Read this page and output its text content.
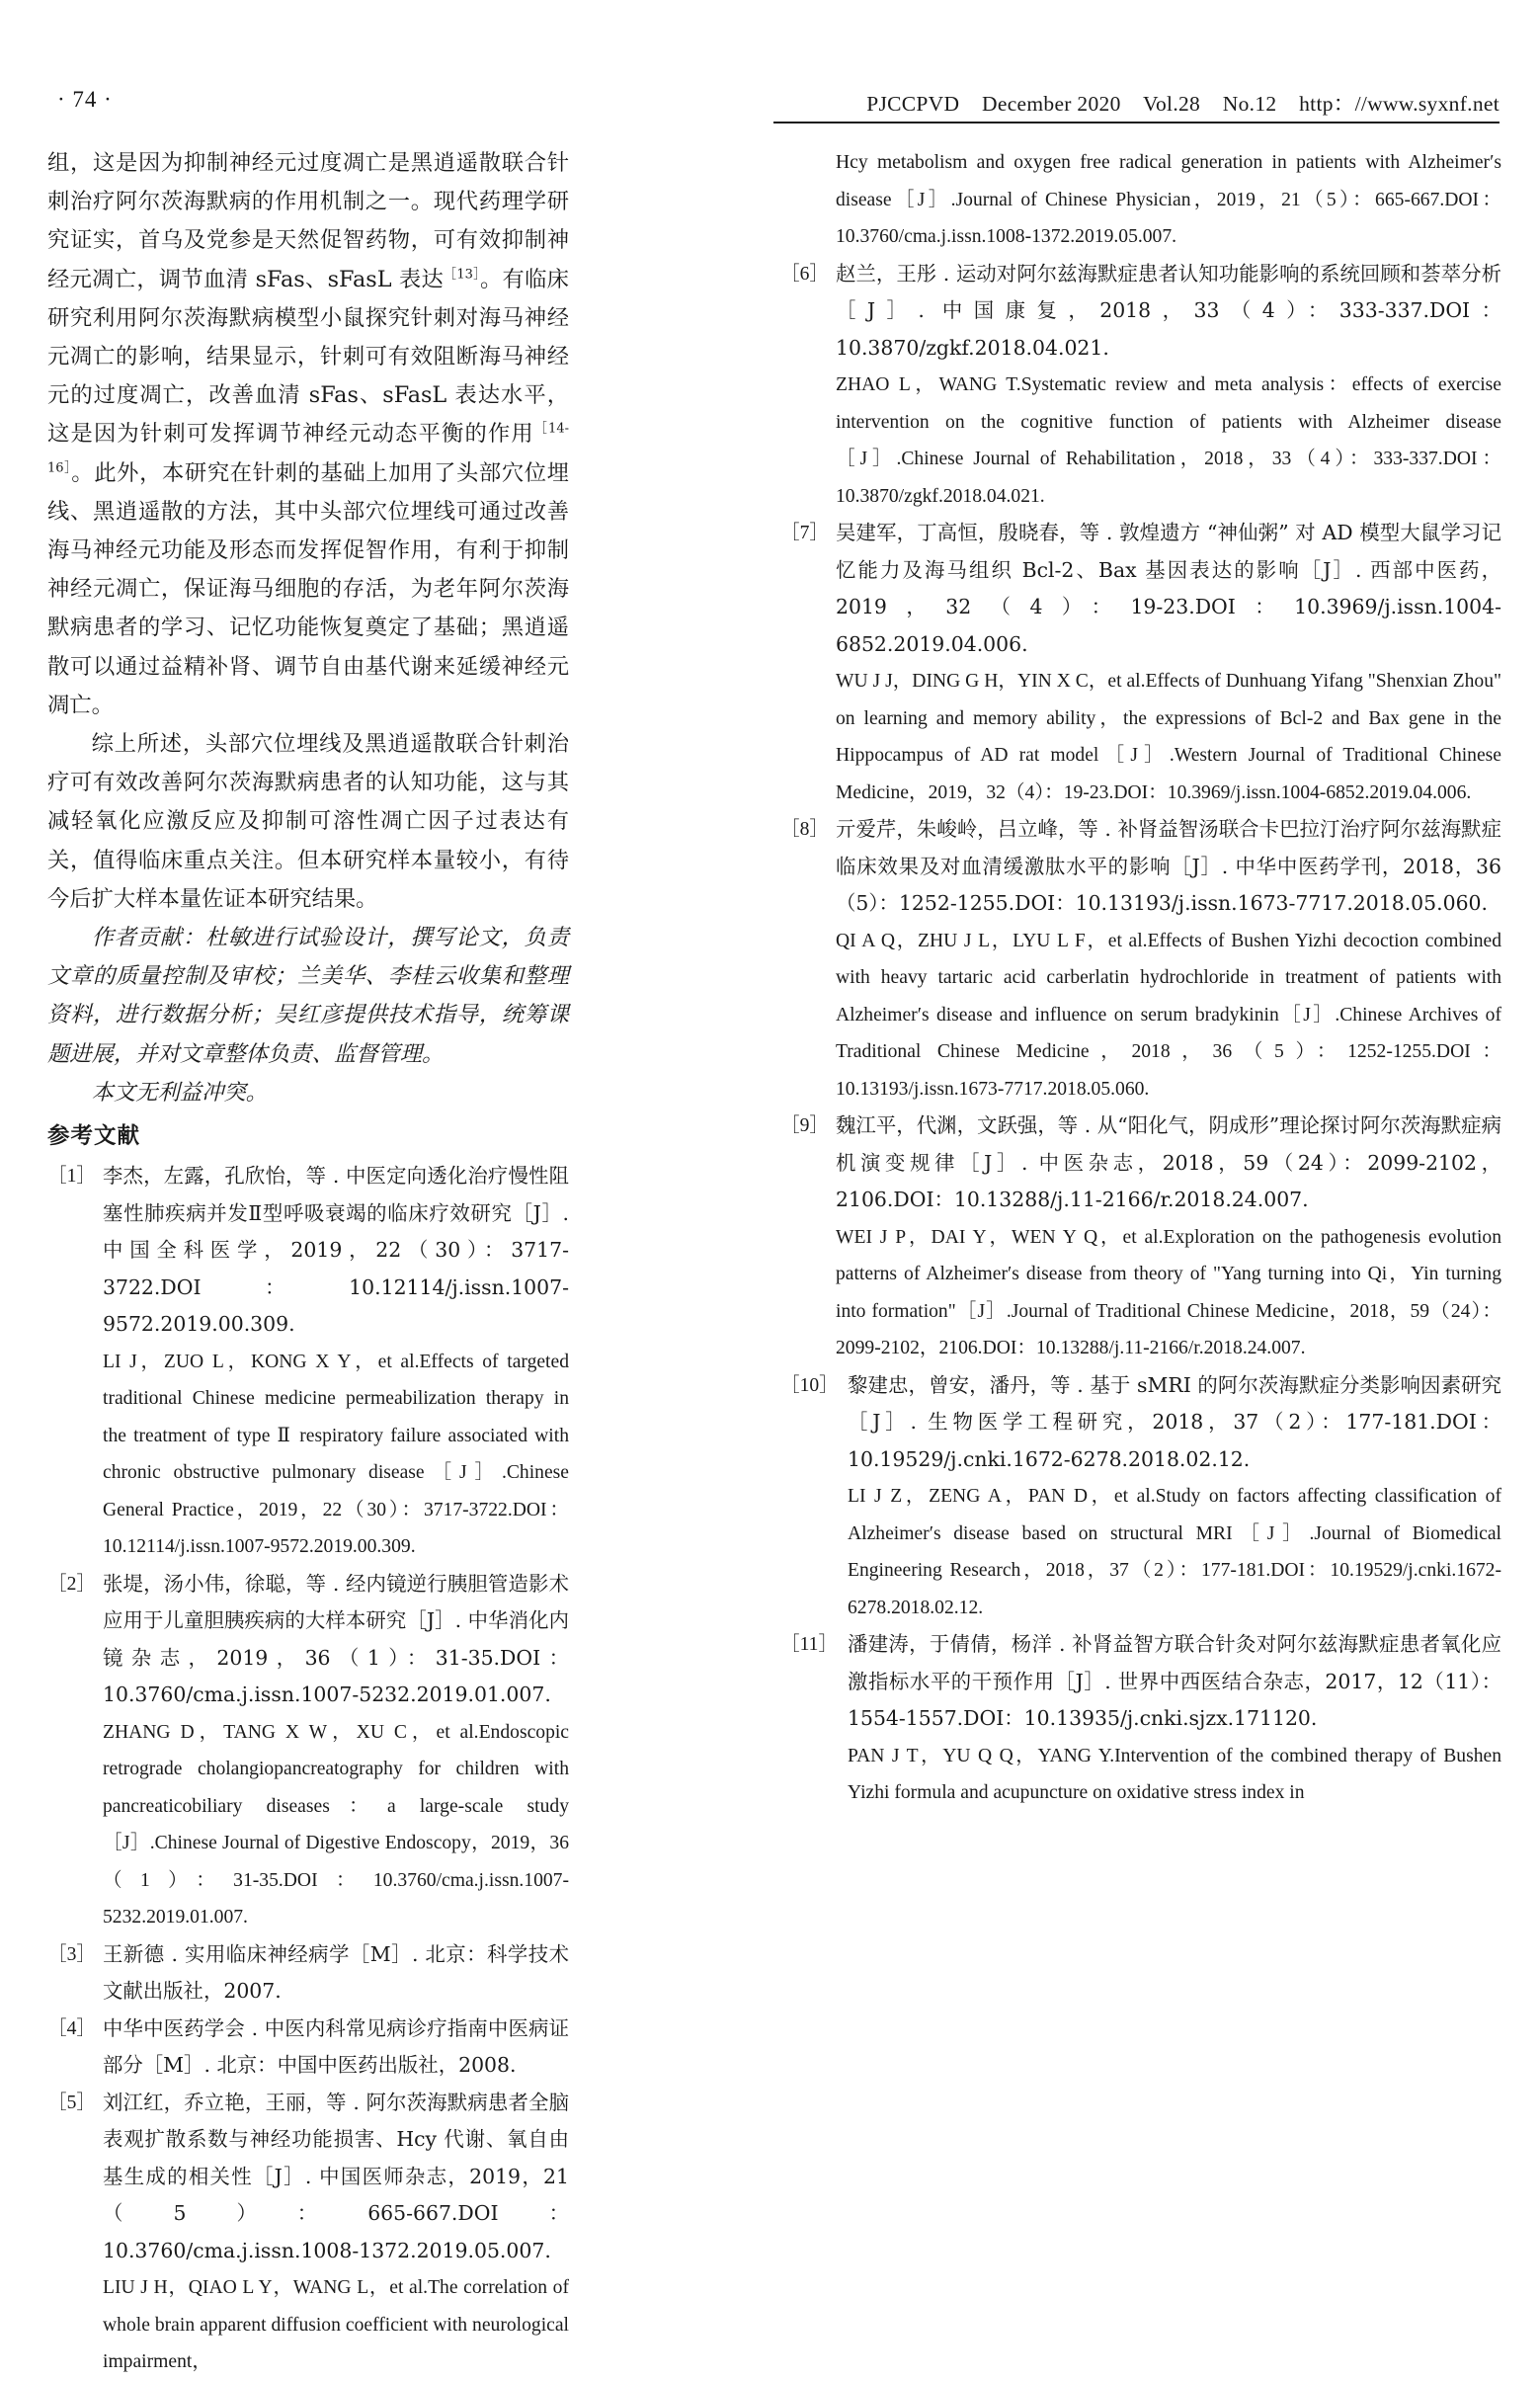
· 74 ·	PJCCPVD December 2020 Vol.28 No.12 http：//www.syxnf.net

组，这是因为抑制神经元过度凋亡是黑逍遥散联合针刺治疗阿尔茨海默病的作用机制之一。现代药理学研究证实，首乌及党参是天然促智药物，可有效抑制神经元凋亡，调节血清 sFas、sFasL 表达$^{[13]}$。有临床研究利用阿尔茨海默病模型小鼠探究针刺对海马神经元凋亡的影响，结果显示，针刺可有效阻断海马神经元的过度凋亡，改善血清 sFas、sFasL 表达水平，这是因为针刺可发挥调节神经元动态平衡的作用$^{[14-16]}$。此外，本研究在针刺的基础上加用了头部穴位埋线、黑逍遥散的方法，其中头部穴位埋线可通过改善海马神经元功能及形态而发挥促智作用，有利于抑制神经元凋亡，保证海马细胞的存活，为老年阿尔茨海默病患者的学习、记忆功能恢复奠定了基础；黑逍遥散可以通过益精补肾、调节自由基代谢来延缓神经元凋亡。

综上所述，头部穴位埋线及黑逍遥散联合针刺治疗可有效改善阿尔茨海默病患者的认知功能，这与其减轻氧化应激反应及抑制可溶性凋亡因子过表达有关，值得临床重点关注。但本研究样本量较小，有待今后扩大样本量佐证本研究结果。

作者贡献：杜敏进行试验设计，撰写论文，负责文章的质量控制及审校；兰美华、李桂云收集和整理资料，进行数据分析；吴红彦提供技术指导，统筹课题进展，并对文章整体负责、监督管理。

本文无利益冲突。

参考文献
［1］ 李杰，左露，孔欣怡，等 . 中医定向透化治疗慢性阻塞性肺疾病并发Ⅱ型呼吸衰竭的临床疗效研究［J］. 中国全科医学，2019，22（30）：3717-3722.DOI：10.12114/j.issn.1007-9572.2019.00.309.
LI J，ZUO L，KONG X Y，et al.Effects of targeted traditional Chinese medicine permeabilization therapy in the treatment of type Ⅱ respiratory failure associated with chronic obstructive pulmonary disease［J］.Chinese General Practice，2019，22（30）：3717-3722.DOI：10.12114/j.issn.1007-9572.2019.00.309.
［2］ 张堤，汤小伟，徐聪，等 . 经内镜逆行胰胆管造影术应用于儿童胆胰疾病的大样本研究［J］. 中华消化内镜杂志，2019，36（1）：31-35.DOI：10.3760/cma.j.issn.1007-5232.2019.01.007.
ZHANG D，TANG X W，XU C，et al.Endoscopic retrograde cholangiopancreatography for children with pancreaticobiliary diseases：a large-scale study［J］.Chinese Journal of Digestive Endoscopy，2019，36（1）：31-35.DOI：10.3760/cma.j.issn.1007-5232.2019.01.007.
［3］ 王新德 . 实用临床神经病学［M］. 北京：科学技术文献出版社，2007.
［4］ 中华中医药学会 . 中医内科常见病诊疗指南中医病证部分［M］. 北京：中国中医药出版社，2008.
［5］ 刘江红，乔立艳，王丽，等 . 阿尔茨海默病患者全脑表观扩散系数与神经功能损害、Hcy 代谢、氧自由基生成的相关性［J］. 中国医师杂志，2019，21（5）：665-667.DOI：10.3760/cma.j.issn.1008-1372.2019.05.007.
LIU J H，QIAO L Y，WANG L，et al.The correlation of whole brain apparent diffusion coefficient with neurological impairment，
Hcy metabolism and oxygen free radical generation in patients with Alzheimer′s disease［J］.Journal of Chinese Physician，2019，21（5）：665-667.DOI：10.3760/cma.j.issn.1008-1372.2019.05.007.
［6］ 赵兰，王彤 . 运动对阿尔兹海默症患者认知功能影响的系统回顾和荟萃分析［J］. 中国康复，2018，33（4）：333-337.DOI：10.3870/zgkf.2018.04.021.
ZHAO L，WANG T.Systematic review and meta analysis：effects of exercise intervention on the cognitive function of patients with Alzheimer disease［J］.Chinese Journal of Rehabilitation，2018，33（4）：333-337.DOI：10.3870/zgkf.2018.04.021.
［7］ 吴建军，丁高恒，殷晓春，等 . 敦煌遗方 “神仙粥” 对 AD 模型大鼠学习记忆能力及海马组织 Bcl-2、Bax 基因表达的影响［J］. 西部中医药，2019，32（4）：19-23.DOI：10.3969/j.issn.1004-6852.2019.04.006.
WU J J，DING G H，YIN X C，et al.Effects of Dunhuang Yifang "Shenxian Zhou" on learning and memory ability，the expressions of Bcl-2 and Bax gene in the Hippocampus of AD rat model［J］.Western Journal of Traditional Chinese Medicine，2019，32（4）：19-23.DOI：10.3969/j.issn.1004-6852.2019.04.006.
［8］ 亓爱芹，朱峻岭，吕立峰，等 . 补肾益智汤联合卡巴拉汀治疗阿尔兹海默症临床效果及对血清缓激肽水平的影响［J］. 中华中医药学刊，2018，36（5）：1252-1255.DOI：10.13193/j.issn.1673-7717.2018.05.060.
QI A Q，ZHU J L，LYU L F，et al.Effects of Bushen Yizhi decoction combined with heavy tartaric acid carberlatin hydrochloride in treatment of patients with Alzheimer′s disease and influence on serum bradykinin［J］.Chinese Archives of Traditional Chinese Medicine，2018，36（5）：1252-1255.DOI：10.13193/j.issn.1673-7717.2018.05.060.
［9］ 魏江平，代渊，文跃强，等 . 从“阳化气，阴成形”理论探讨阿尔茨海默症病机演变规律［J］. 中医杂志，2018，59（24）：2099-2102，2106.DOI：10.13288/j.11-2166/r.2018.24.007.
WEI J P，DAI Y，WEN Y Q，et al.Exploration on the pathogenesis evolution patterns of Alzheimer′s disease from theory of "Yang turning into Qi，Yin turning into formation"［J］.Journal of Traditional Chinese Medicine，2018，59（24）：2099-2102，2106.DOI：10.13288/j.11-2166/r.2018.24.007.
［10］ 黎建忠，曾安，潘丹，等 . 基于 sMRI 的阿尔茨海默症分类影响因素研究［J］. 生物医学工程研究，2018，37（2）：177-181.DOI：10.19529/j.cnki.1672-6278.2018.02.12.
LI J Z，ZENG A，PAN D，et al.Study on factors affecting classification of Alzheimer′s disease based on structural MRI［J］.Journal of Biomedical Engineering Research，2018，37（2）：177-181.DOI：10.19529/j.cnki.1672-6278.2018.02.12.
［11］ 潘建涛，于倩倩，杨洋 . 补肾益智方联合针灸对阿尔兹海默症患者氧化应激指标水平的干预作用［J］. 世界中西医结合杂志，2017，12（11）：1554-1557.DOI：10.13935/j.cnki.sjzx.171120.
PAN J T，YU Q Q，YANG Y.Intervention of the combined therapy of Bushen Yizhi formula and acupuncture on oxidative stress index in
